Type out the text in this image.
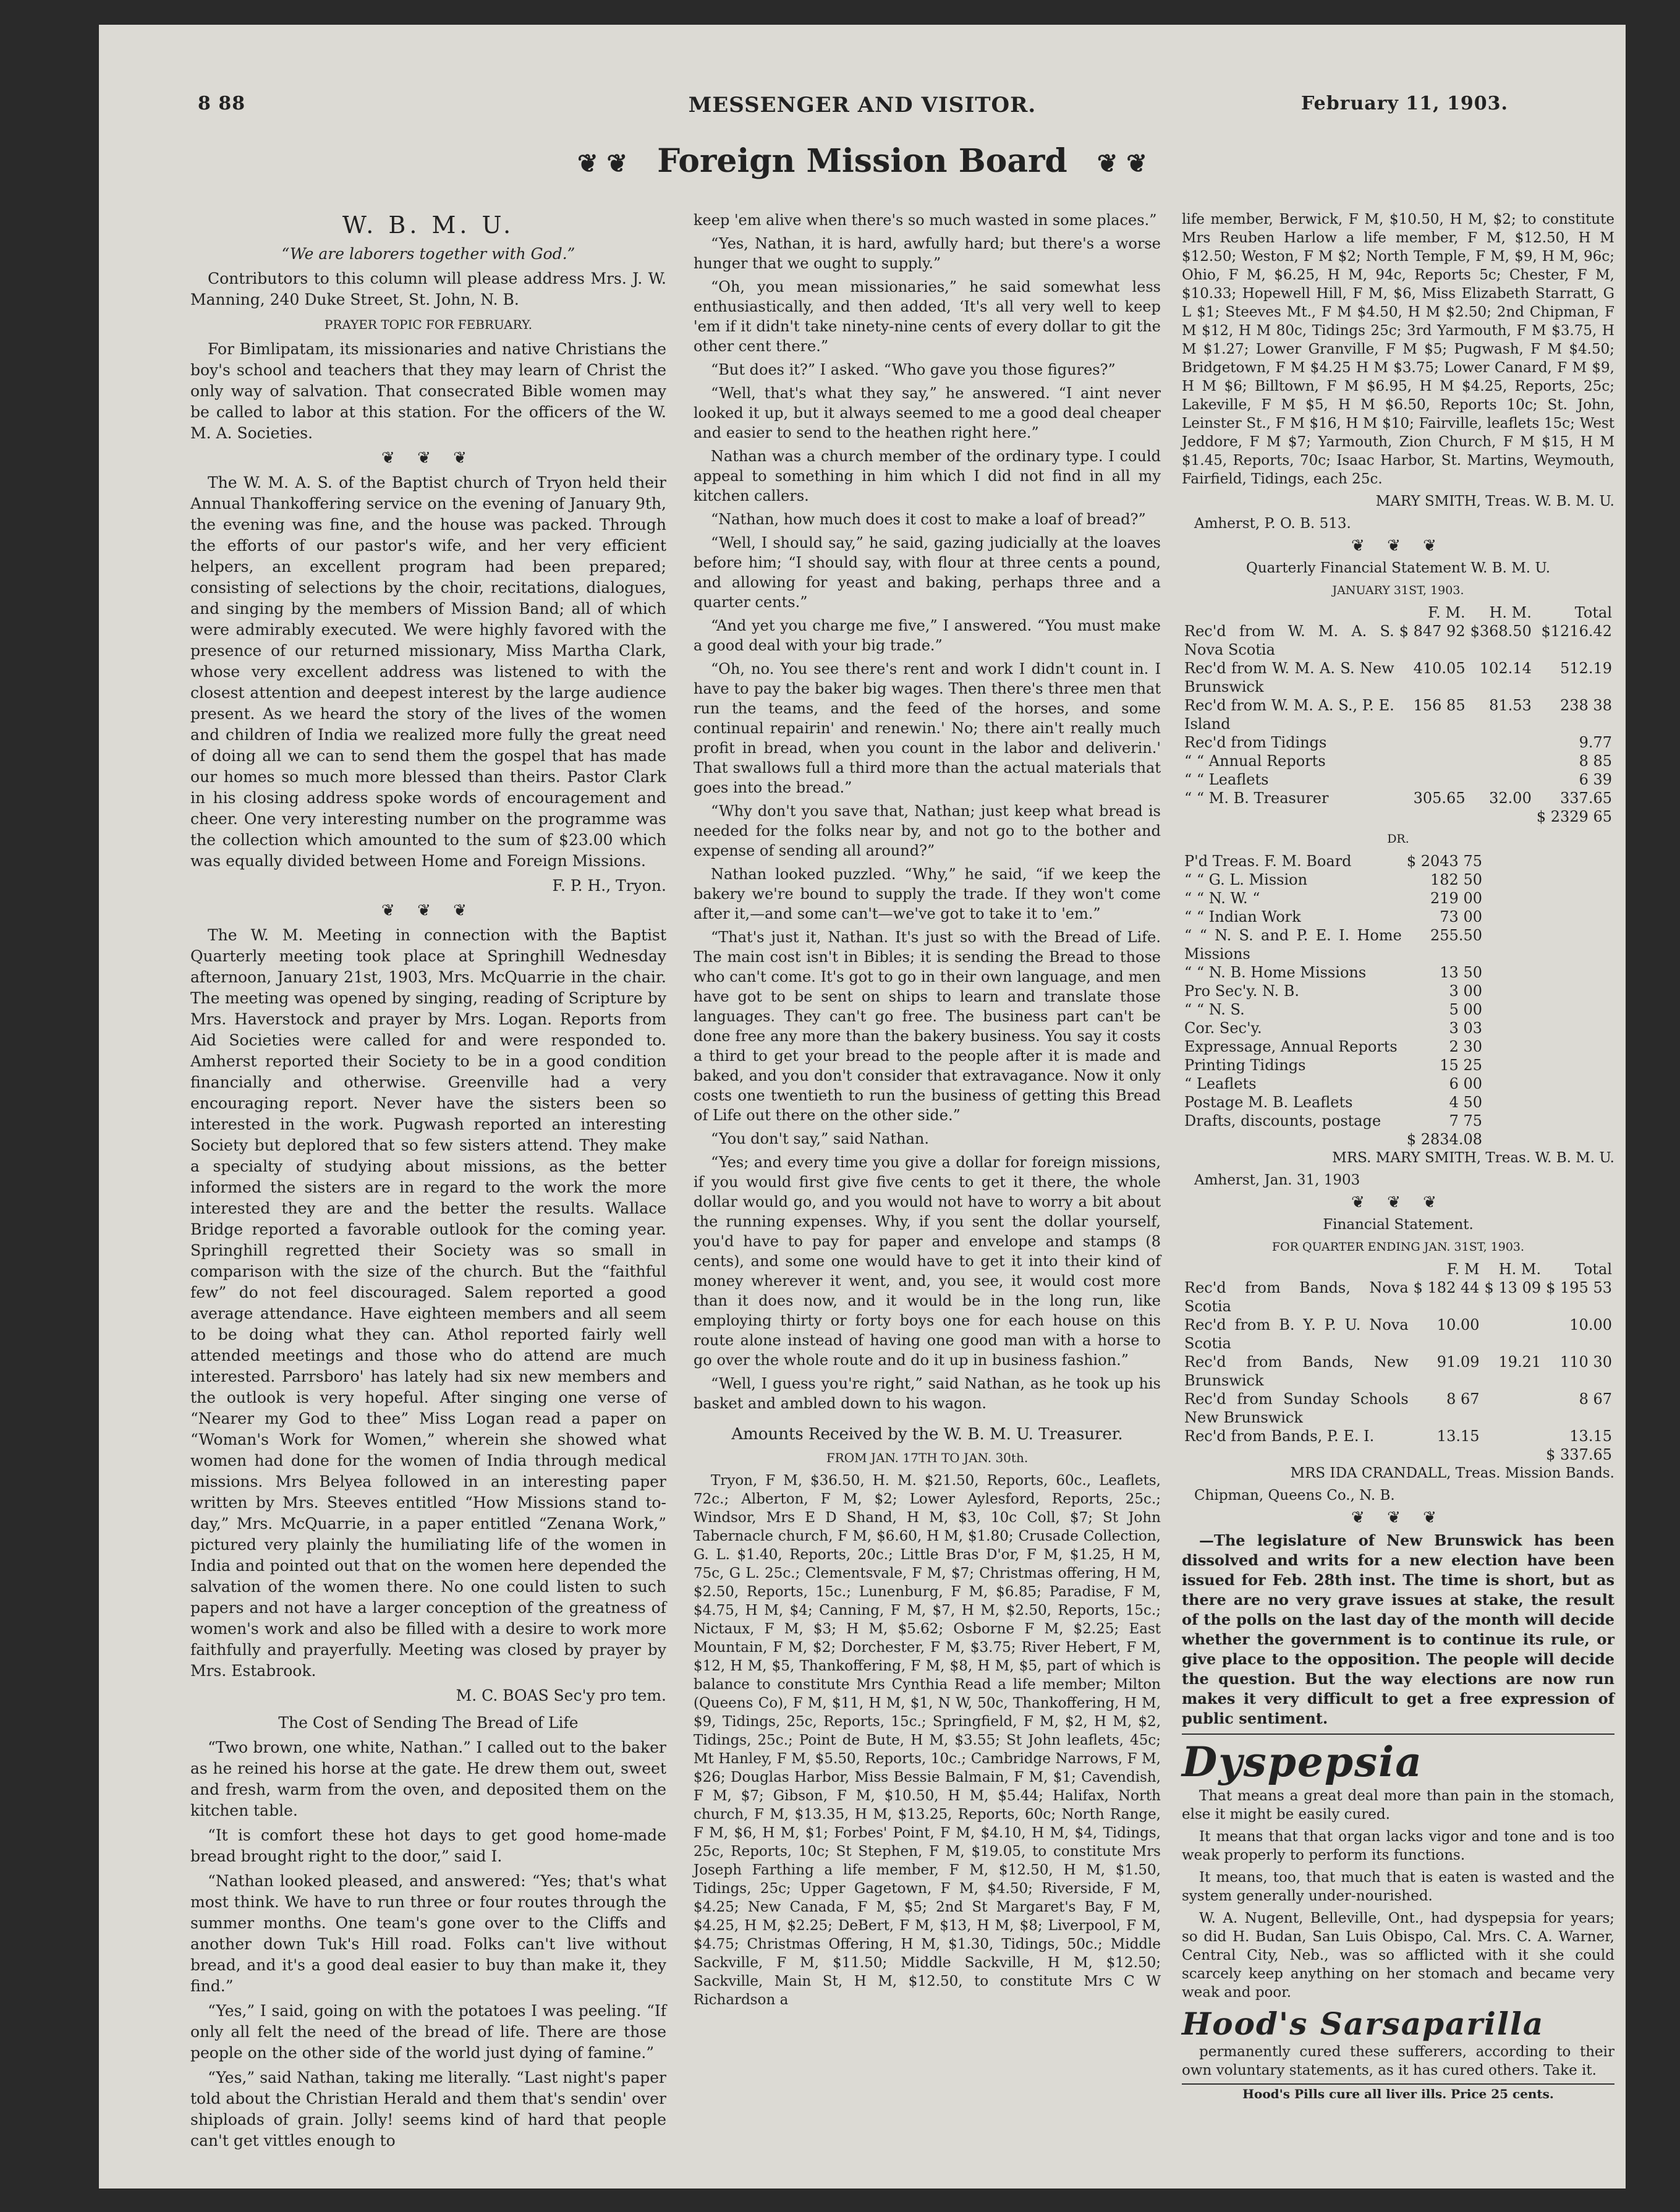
8 88	MESSENGER AND VISITOR.	February 11, 1903.
❦ ❦ Foreign Mission Board ❦ ❦

W. B. M. U.

“We are laborers together with God.”

Contributors to this column will please address Mrs. J. W. Manning, 240 Duke Street, St. John, N. B.

PRAYER TOPIC FOR FEBRUARY.

For Bimlipatam, its missionaries and native Christians the boy's school and teachers that they may learn of Christ the only way of salvation. That consecrated Bible women may be called to labor at this station. For the officers of the W. M. A. Societies.

❦ ❦ ❦

The W. M. A. S. of the Baptist church of Tryon held their Annual Thankoffering service on the evening of January 9th, the evening was fine, and the house was packed. Through the efforts of our pastor's wife, and her very efficient helpers, an excellent program had been prepared; consisting of selections by the choir, recitations, dialogues, and singing by the members of Mission Band; all of which were admirably executed. We were highly favored with the presence of our returned missionary, Miss Martha Clark, whose very excellent address was listened to with the closest attention and deepest interest by the large audience present. As we heard the story of the lives of the women and children of India we realized more fully the great need of doing all we can to send them the gospel that has made our homes so much more blessed than theirs. Pastor Clark in his closing address spoke words of encouragement and cheer. One very interesting number on the programme was the collection which amounted to the sum of $23.00 which was equally divided between Home and Foreign Missions.

F. P. H., Tryon.

❦ ❦ ❦

The W. M. Meeting in connection with the Baptist Quarterly meeting took place at Springhill Wednesday afternoon, January 21st, 1903, Mrs. McQuarrie in the chair. The meeting was opened by singing, reading of Scripture by Mrs. Haverstock and prayer by Mrs. Logan. Reports from Aid Societies were called for and were responded to. Amherst reported their Society to be in a good condition financially and otherwise. Greenville had a very encouraging report. Never have the sisters been so interested in the work. Pugwash reported an interesting Society but deplored that so few sisters attend. They make a specialty of studying about missions, as the better informed the sisters are in regard to the work the more interested they are and the better the results. Wallace Bridge reported a favorable outlook for the coming year. Springhill regretted their Society was so small in comparison with the size of the church. But the “faithful few” do not feel discouraged. Salem reported a good average attendance. Have eighteen members and all seem to be doing what they can. Athol reported fairly well attended meetings and those who do attend are much interested. Parrsboro' has lately had six new members and the outlook is very hopeful. After singing one verse of “Nearer my God to thee” Miss Logan read a paper on “Woman's Work for Women,” wherein she showed what women had done for the women of India through medical missions. Mrs Belyea followed in an interesting paper written by Mrs. Steeves entitled “How Missions stand to-day,” Mrs. McQuarrie, in a paper entitled “Zenana Work,” pictured very plainly the humiliating life of the women in India and pointed out that on the women here depended the salvation of the women there. No one could listen to such papers and not have a larger conception of the greatness of women's work and also be filled with a desire to work more faithfully and prayerfully. Meeting was closed by prayer by Mrs. Estabrook.

M. C. BOAS Sec'y pro tem.

The Cost of Sending The Bread of Life

“Two brown, one white, Nathan.” I called out to the baker as he reined his horse at the gate. He drew them out, sweet and fresh, warm from the oven, and deposited them on the kitchen table.

“It is comfort these hot days to get good home-made bread brought right to the door,” said I.

“Nathan looked pleased, and answered: “Yes; that's what most think. We have to run three or four routes through the summer months. One team's gone over to the Cliffs and another down Tuk's Hill road. Folks can't live without bread, and it's a good deal easier to buy than make it, they find.”

“Yes,” I said, going on with the potatoes I was peeling. “If only all felt the need of the bread of life. There are those people on the other side of the world just dying of famine.”

“Yes,” said Nathan, taking me literally. “Last night's paper told about the Christian Herald and them that's sendin' over shiploads of grain. Jolly! seems kind of hard that people can't get vittles enough to

keep 'em alive when there's so much wasted in some places.”

“Yes, Nathan, it is hard, awfully hard; but there's a worse hunger that we ought to supply.”

“Oh, you mean missionaries,” he said somewhat less enthusiastically, and then added, ‘It's all very well to keep 'em if it didn't take ninety-nine cents of every dollar to git the other cent there.”

“But does it?” I asked. “Who gave you those figures?”

“Well, that's what they say,” he answered. “I aint never looked it up, but it always seemed to me a good deal cheaper and easier to send to the heathen right here.”

Nathan was a church member of the ordinary type. I could appeal to something in him which I did not find in all my kitchen callers.

“Nathan, how much does it cost to make a loaf of bread?”

“Well, I should say,” he said, gazing judicially at the loaves before him; “I should say, with flour at three cents a pound, and allowing for yeast and baking, perhaps three and a quarter cents.”

“And yet you charge me five,” I answered. “You must make a good deal with your big trade.”

“Oh, no. You see there's rent and work I didn't count in. I have to pay the baker big wages. Then there's three men that run the teams, and the feed of the horses, and some continual repairin' and renewin.' No; there ain't really much profit in bread, when you count in the labor and deliverin.' That swallows full a third more than the actual materials that goes into the bread.”

“Why don't you save that, Nathan; just keep what bread is needed for the folks near by, and not go to the bother and expense of sending all around?”

Nathan looked puzzled. “Why,” he said, “if we keep the bakery we're bound to supply the trade. If they won't come after it,—and some can't—we've got to take it to 'em.”

“That's just it, Nathan. It's just so with the Bread of Life. The main cost isn't in Bibles; it is sending the Bread to those who can't come. It's got to go in their own language, and men have got to be sent on ships to learn and translate those languages. They can't go free. The business part can't be done free any more than the bakery business. You say it costs a third to get your bread to the people after it is made and baked, and you don't consider that extravagance. Now it only costs one twentieth to run the business of getting this Bread of Life out there on the other side.”

“You don't say,” said Nathan.

“Yes; and every time you give a dollar for foreign missions, if you would first give five cents to get it there, the whole dollar would go, and you would not have to worry a bit about the running expenses. Why, if you sent the dollar yourself, you'd have to pay for paper and envelope and stamps (8 cents), and some one would have to get it into their kind of money wherever it went, and, you see, it would cost more than it does now, and it would be in the long run, like employing thirty or forty boys one for each house on this route alone instead of having one good man with a horse to go over the whole route and do it up in business fashion.”

“Well, I guess you're right,” said Nathan, as he took up his basket and ambled down to his wagon.

Amounts Received by the W. B. M. U. Treasurer.

FROM JAN. 17TH TO JAN. 30th.

Tryon, F M, $36.50, H. M. $21.50, Reports, 60c., Leaflets, 72c.; Alberton, F M, $2; Lower Aylesford, Reports, 25c.; Windsor, Mrs E D Shand, H M, $3, 10c Coll, $7; St John Tabernacle church, F M, $6.60, H M, $1.80; Crusade Collection, G. L. $1.40, Reports, 20c.; Little Bras D'or, F M, $1.25, H M, 75c, G L. 25c.; Clementsvale, F M, $7; Christmas offering, H M, $2.50, Reports, 15c.; Lunenburg, F M, $6.85; Paradise, F M, $4.75, H M, $4; Canning, F M, $7, H M, $2.50, Reports, 15c.; Nictaux, F M, $3; H M, $5.62; Osborne F M, $2.25; East Mountain, F M, $2; Dorchester, F M, $3.75; River Hebert, F M, $12, H M, $5, Thankoffering, F M, $8, H M, $5, part of which is balance to constitute Mrs Cynthia Read a life member; Milton (Queens Co), F M, $11, H M, $1, N W, 50c, Thankoffering, H M, $9, Tidings, 25c, Reports, 15c.; Springfield, F M, $2, H M, $2, Tidings, 25c.; Point de Bute, H M, $3.55; St John leaflets, 45c; Mt Hanley, F M, $5.50, Reports, 10c.; Cambridge Narrows, F M, $26; Douglas Harbor, Miss Bessie Balmain, F M, $1; Cavendish, F M, $7; Gibson, F M, $10.50, H M, $5.44; Halifax, North church, F M, $13.35, H M, $13.25, Reports, 60c; North Range, F M, $6, H M, $1; Forbes' Point, F M, $4.10, H M, $4, Tidings, 25c, Reports, 10c; St Stephen, F M, $19.05, to constitute Mrs Joseph Farthing a life member, F M, $12.50, H M, $1.50, Tidings, 25c; Upper Gagetown, F M, $4.50; Riverside, F M, $4.25; New Canada, F M, $5; 2nd St Margaret's Bay, F M, $4.25, H M, $2.25; DeBert, F M, $13, H M, $8; Liverpool, F M, $4.75; Christmas Offering, H M, $1.30, Tidings, 50c.; Middle Sackville, F M, $11.50; Middle Sackville, H M, $12.50; Sackville, Main St, H M, $12.50, to constitute Mrs C W Richardson a

life member, Berwick, F M, $10.50, H M, $2; to constitute Mrs Reuben Harlow a life member, F M, $12.50, H M $12.50; Weston, F M $2; North Temple, F M, $9, H M, 96c; Ohio, F M, $6.25, H M, 94c, Reports 5c; Chester, F M, $10.33; Hopewell Hill, F M, $6, Miss Elizabeth Starratt, G L $1; Steeves Mt., F M $4.50, H M $2.50; 2nd Chipman, F M $12, H M 80c, Tidings 25c; 3rd Yarmouth, F M $3.75, H M $1.27; Lower Granville, F M $5; Pugwash, F M $4.50; Bridgetown, F M $4.25 H M $3.75; Lower Canard, F M $9, H M $6; Billtown, F M $6.95, H M $4.25, Reports, 25c; Lakeville, F M $5, H M $6.50, Reports 10c; St. John, Leinster St., F M $16, H M $10; Fairville, leaflets 15c; West Jeddore, F M $7; Yarmouth, Zion Church, F M $15, H M $1.45, Reports, 70c; Isaac Harbor, St. Martins, Weymouth, Fairfield, Tidings, each 25c.

MARY SMITH, Treas. W. B. M. U.

Amherst, P. O. B. 513.

❦ ❦ ❦

Quarterly Financial Statement W. B. M. U.

JANUARY 31ST, 1903.

	F. M.	H. M.	Total
Rec'd from W. M. A. S. Nova Scotia	$ 847 92	$368.50	$1216.42
Rec'd from W. M. A. S. New Brunswick	410.05	102.14	512.19
Rec'd from W. M. A. S., P. E. Island	156 85	81.53	238 38
Rec'd from Tidings			9.77
“ “ Annual Reports			8 85
“ “ Leaflets			6 39
“ “ M. B. Treasurer	305.65	32.00	337.65
			$ 2329 65

DR.

P'd Treas. F. M. Board	$ 2043 75
“ “ G. L. Mission	182 50
“ “ N. W. “	219 00
“ “ Indian Work	73 00
“ “ N. S. and P. E. I. Home Missions	255.50
“ “ N. B. Home Missions	13 50
Pro Sec'y. N. B.	3 00
“ “ N. S.	5 00
Cor. Sec'y.	3 03
Expressage, Annual Reports	2 30
Printing Tidings	15 25
“ Leaflets	6 00
Postage M. B. Leaflets	4 50
Drafts, discounts, postage	7 75
	$ 2834.08

MRS. MARY SMITH, Treas. W. B. M. U.

Amherst, Jan. 31, 1903

❦ ❦ ❦

Financial Statement.

FOR QUARTER ENDING JAN. 31ST, 1903.

	F. M	H. M.	Total
Rec'd from Bands, Nova Scotia	$ 182 44	$ 13 09	$ 195 53
Rec'd from B. Y. P. U. Nova Scotia	10.00		10.00
Rec'd from Bands, New Brunswick	91.09	19.21	110 30
Rec'd from Sunday Schools New Brunswick	8 67		8 67
Rec'd from Bands, P. E. I.	13.15		13.15
			$ 337.65

MRS IDA CRANDALL, Treas. Mission Bands.

Chipman, Queens Co., N. B.

❦ ❦ ❦

—The legislature of New Brunswick has been dissolved and writs for a new election have been issued for Feb. 28th inst. The time is short, but as there are no very grave issues at stake, the result of the polls on the last day of the month will decide whether the government is to continue its rule, or give place to the opposition. The people will decide the question. But the way elections are now run makes it very difficult to get a free expression of public sentiment.

Dyspepsia

That means a great deal more than pain in the stomach, else it might be easily cured.

It means that that organ lacks vigor and tone and is too weak properly to perform its functions.

It means, too, that much that is eaten is wasted and the system generally under-nourished.

W. A. Nugent, Belleville, Ont., had dyspepsia for years; so did H. Budan, San Luis Obispo, Cal. Mrs. C. A. Warner, Central City, Neb., was so afflicted with it she could scarcely keep anything on her stomach and became very weak and poor.

Hood's Sarsaparilla

permanently cured these sufferers, according to their own voluntary statements, as it has cured others. Take it.

Hood's Pills cure all liver ills. Price 25 cents.
